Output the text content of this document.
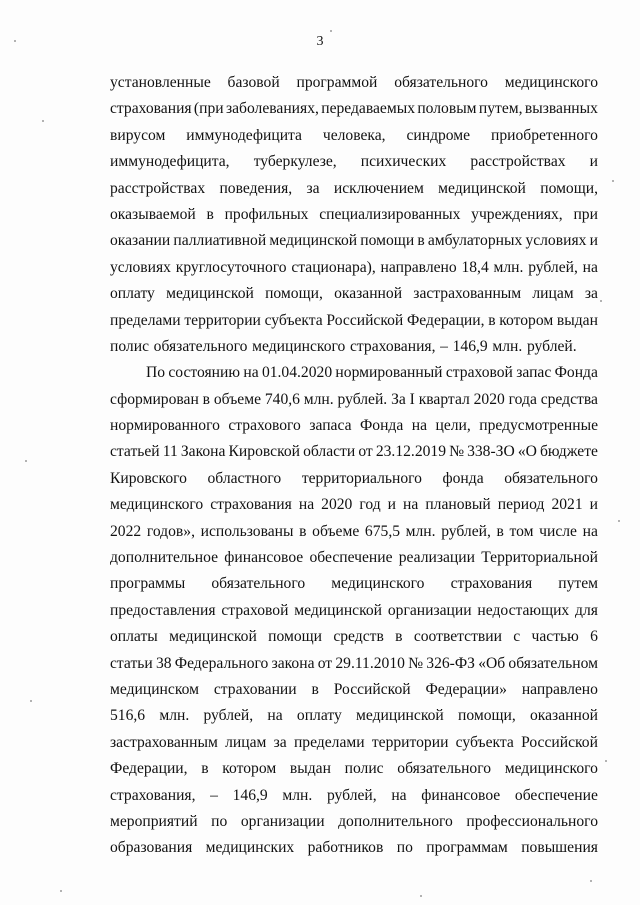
3
установленные базовой программой обязательного медицинского
страхования (при заболеваниях, передаваемых половым путем, вызванных
вирусом иммунодефицита человека, синдроме приобретенного
иммунодефицита, туберкулезе, психических расстройствах и
расстройствах поведения, за исключением медицинской помощи,
оказываемой в профильных специализированных учреждениях, при
оказании паллиативной медицинской помощи в амбулаторных условиях и
условиях круглосуточного стационара), направлено 18,4 млн. рублей, на
оплату медицинской помощи, оказанной застрахованным лицам за
пределами территории субъекта Российской Федерации, в котором выдан
полис обязательного медицинского страхования, – 146,9 млн. рублей.
По состоянию на 01.04.2020 нормированный страховой запас Фонда
сформирован в объеме 740,6 млн. рублей. За I квартал 2020 года средства
нормированного страхового запаса Фонда на цели, предусмотренные
статьей 11 Закона Кировской области от 23.12.2019 № 338-ЗО «О бюджете
Кировского областного территориального фонда обязательного
медицинского страхования на 2020 год и на плановый период 2021 и
2022 годов», использованы в объеме 675,5 млн. рублей, в том числе на
дополнительное финансовое обеспечение реализации Территориальной
программы обязательного медицинского страхования путем
предоставления страховой медицинской организации недостающих для
оплаты медицинской помощи средств в соответствии с частью 6
статьи 38 Федерального закона от 29.11.2010 № 326-ФЗ «Об обязательном
медицинском страховании в Российской Федерации» направлено
516,6 млн. рублей, на оплату медицинской помощи, оказанной
застрахованным лицам за пределами территории субъекта Российской
Федерации, в котором выдан полис обязательного медицинского
страхования, – 146,9 млн. рублей, на финансовое обеспечение
мероприятий по организации дополнительного профессионального
образования медицинских работников по программам повышения
